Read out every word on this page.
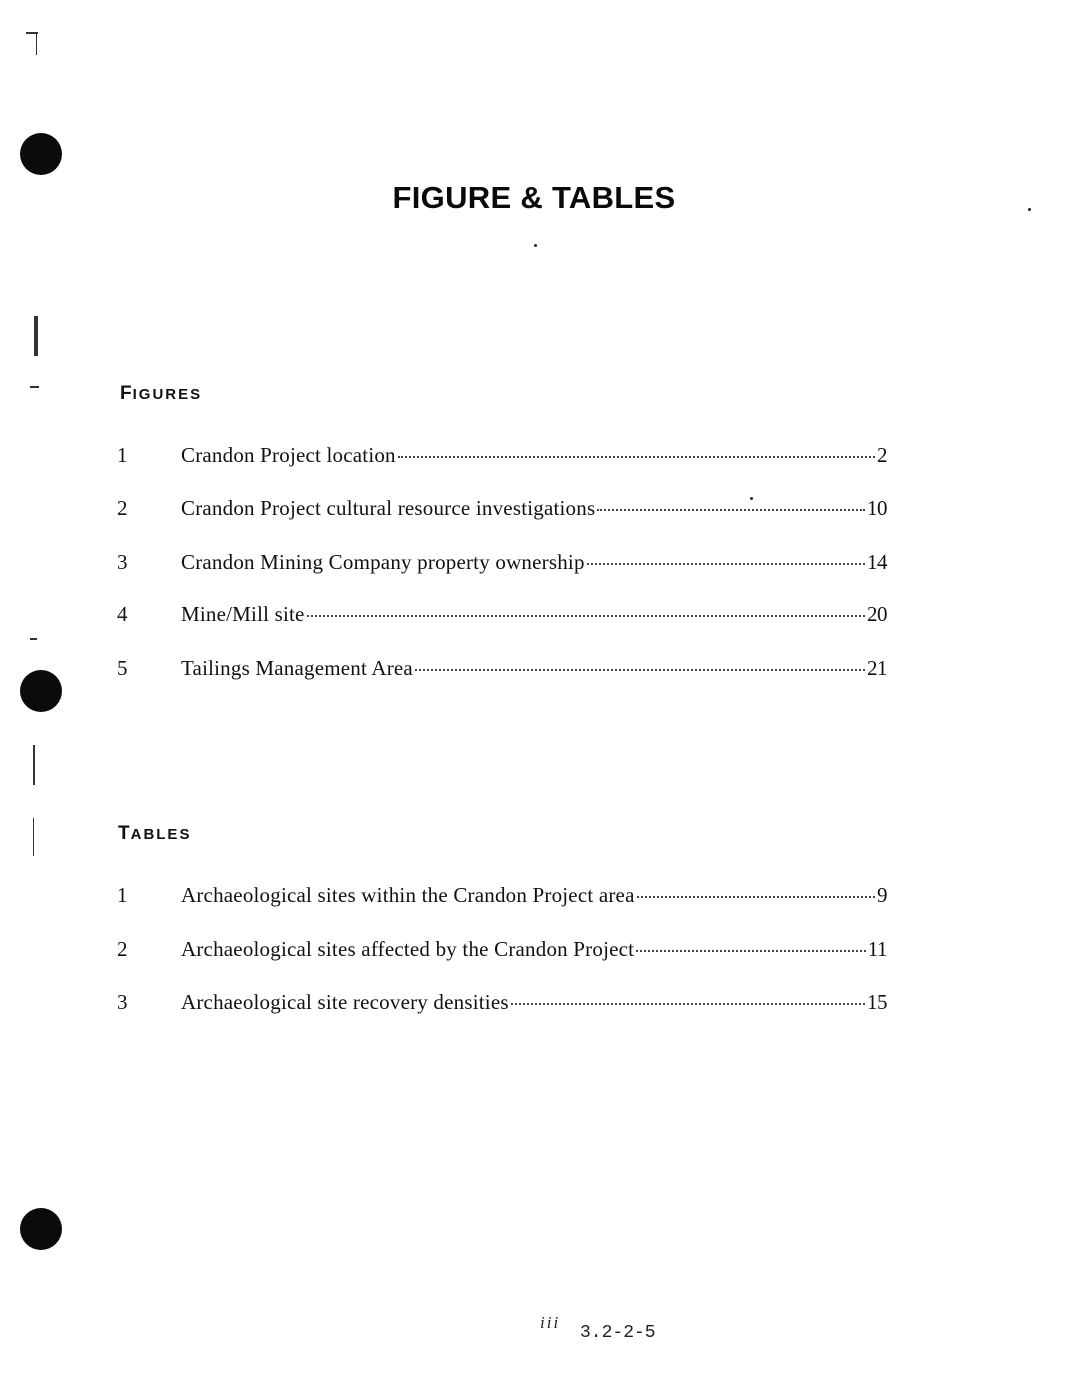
FIGURE & TABLES
FIGURES
1	Crandon Project location	2
2	Crandon Project cultural resource investigations	10
3	Crandon Mining Company property ownership	14
4	Mine/Mill site	20
5	Tailings Management Area	21
TABLES
1	Archaeological sites within the Crandon Project area	9
2	Archaeological sites affected by the Crandon Project	11
3	Archaeological site recovery densities	15
iii
3.2-2-5
